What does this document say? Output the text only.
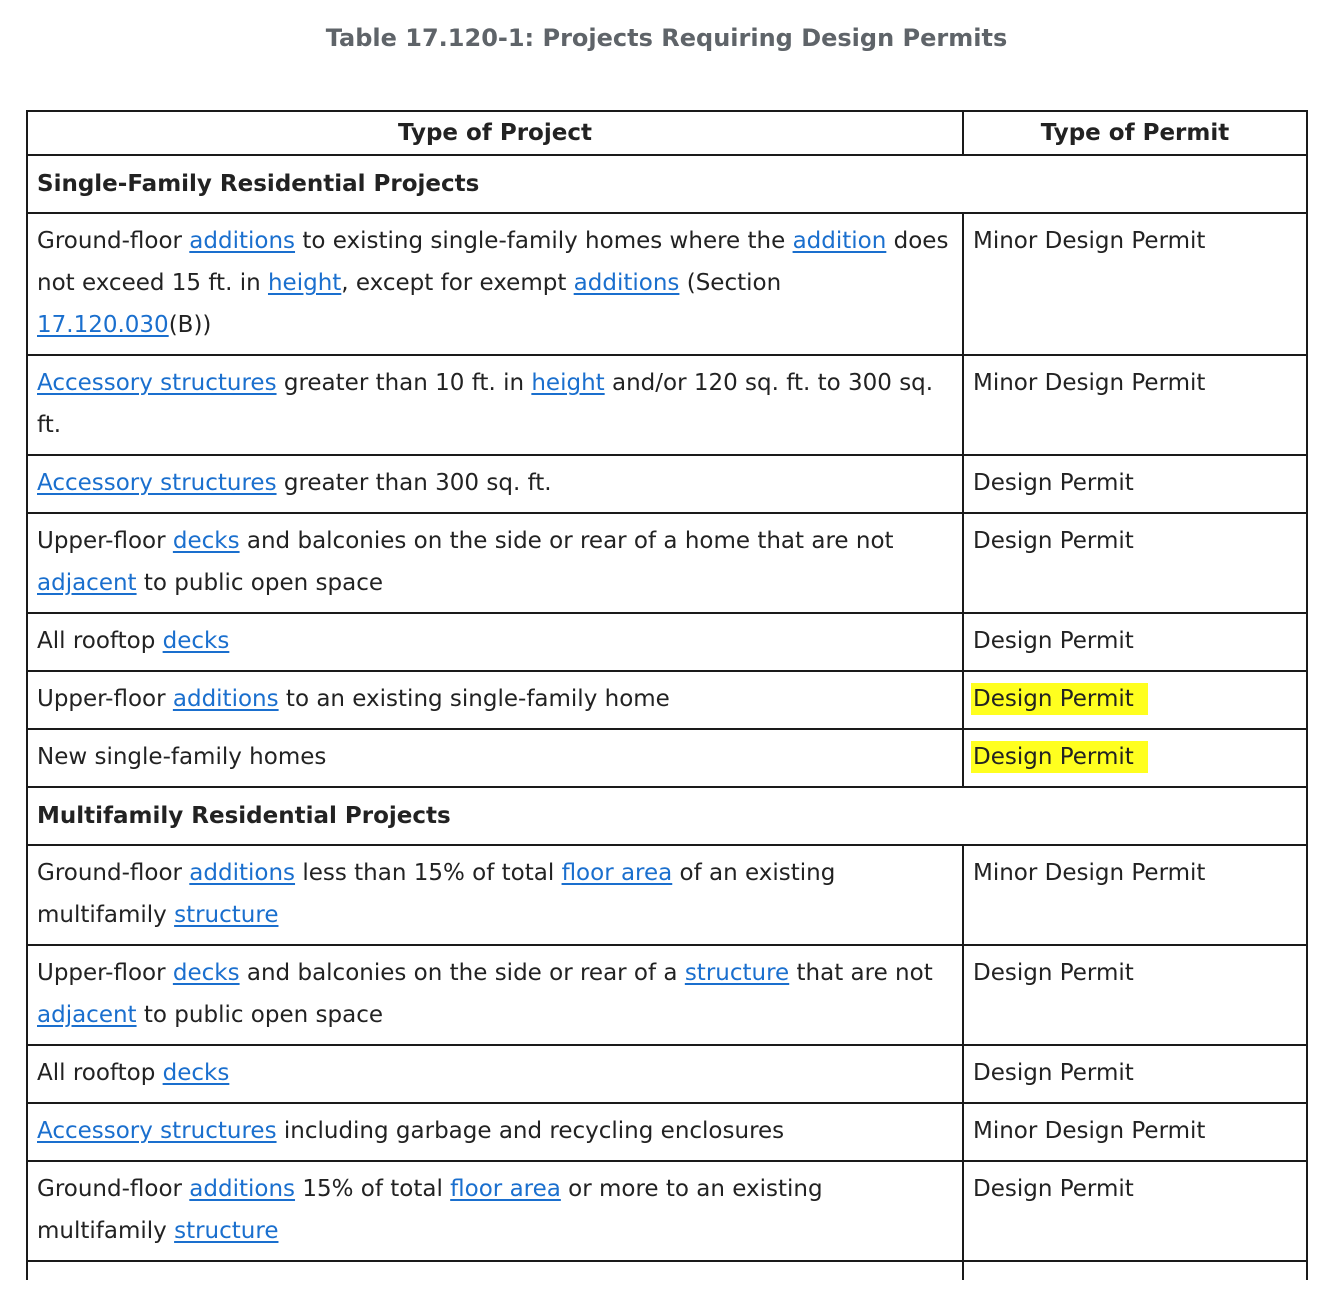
Table 17.120-1: Projects Requiring Design Permits
Type of Project	Type of Permit
Single-Family Residential Projects	
Ground-floor additions to existing single-family homes where the addition does not exceed 15 ft. in height, except for exempt additions (Section 17.120.030(B))	Minor Design Permit
Accessory structures greater than 10 ft. in height and/or 120 sq. ft. to 300 sq. ft.	Minor Design Permit
Accessory structures greater than 300 sq. ft.	Design Permit
Upper-floor decks and balconies on the side or rear of a home that are not adjacent to public open space	Design Permit
All rooftop decks	Design Permit
Upper-floor additions to an existing single-family home	Design Permit
New single-family homes	Design Permit
Multifamily Residential Projects	
Ground-floor additions less than 15% of total floor area of an existing multifamily structure	Minor Design Permit
Upper-floor decks and balconies on the side or rear of a structure that are not adjacent to public open space	Design Permit
All rooftop decks	Design Permit
Accessory structures including garbage and recycling enclosures	Minor Design Permit
Ground-floor additions 15% of total floor area or more to an existing multifamily structure	Design Permit
